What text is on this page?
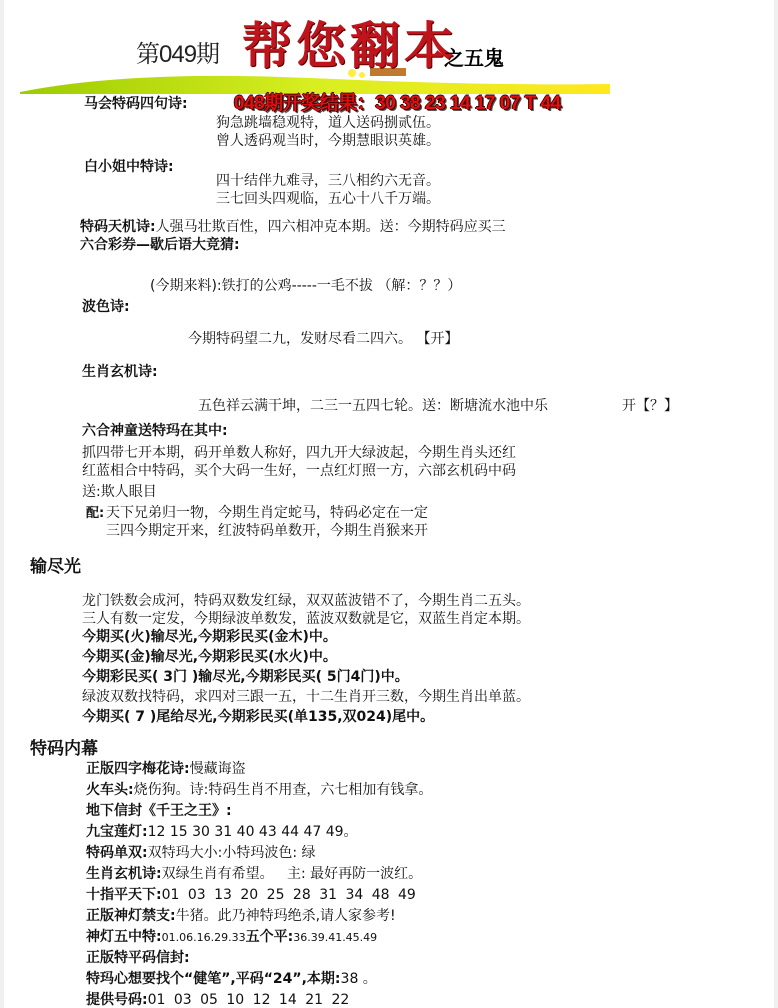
第049期 帮您翻本
之五鬼
马会特码四句诗: 048期开奖结果：30 38 23 14 17 07 T 44
狗急跳墙稳观特，道人送码捌贰伍。
曾人透码观当时，今期慧眼识英雄。
白小姐中特诗:
四十结伴九难寻，三八相约六无音。
三七回头四观临，五心十八千万端。
特码天机诗:人强马壮欺百性，四六相冲克本期。送：今期特码应买三
六合彩券—歇后语大竞猜:
(今期来料):铁打的公鸡-----一毛不拔 （解：？？）
波色诗:
今期特码望二九，发财尽看二四六。 【开】
生肖玄机诗:
五色祥云满干坤，二三一五四七轮。送：断塘流水池中乐	开【？】
六合神童送特玛在其中:
抓四带七开本期，码开单数人称好，四九开大绿波起，今期生肖头还红
红蓝相合中特码，买个大码一生好，一点红灯照一方，六部玄机码中码
送:欺人眼目
配: 天下兄弟归一物，今期生肖定蛇马，特码必定在一定
三四今期定开来，红波特码单数开，今期生肖猴来开
输尽光
龙门铁数会成河，特码双数发红绿，双双蓝波错不了，今期生肖二五头。
三人有数一定发，今期绿波单数发，蓝波双数就是它，双蓝生肖定本期。
今期买(火)输尽光,今期彩民买(金木)中。
今期买(金)输尽光,今期彩民买(水火)中。
今期彩民买( 3门 )输尽光,今期彩民买( 5门4门)中。
绿波双数找特码，求四对三跟一五，十二生肖开三数，今期生肖出单蓝。
今期买( 7 )尾给尽光,今期彩民买(单135,双024)尾中。
特码内幕
正版四字梅花诗:慢藏诲盗
火车头:烧伤狗。诗:特码生肖不用查，六七相加有钱拿。
地下信封《千王之王》:
九宝莲灯:12 15 30 31 40 43 44 47 49。
特码单双:双特玛大小:小特玛波色: 绿
生肖玄机诗:双绿生肖有希望。   主: 最好再防一波红。
十指平天下:01 03 13 20 25 28 31 34 48 49
正版神灯禁支:牛猪。此乃神特玛绝杀,请人家参考!
神灯五中特:01.06.16.29.33五个平:36.39.41.45.49
正版特平码信封:
特玛心想要找个“健笔”,平码“24”,本期:38 。
提供号码:01 03 05 10 12 14 21 22
